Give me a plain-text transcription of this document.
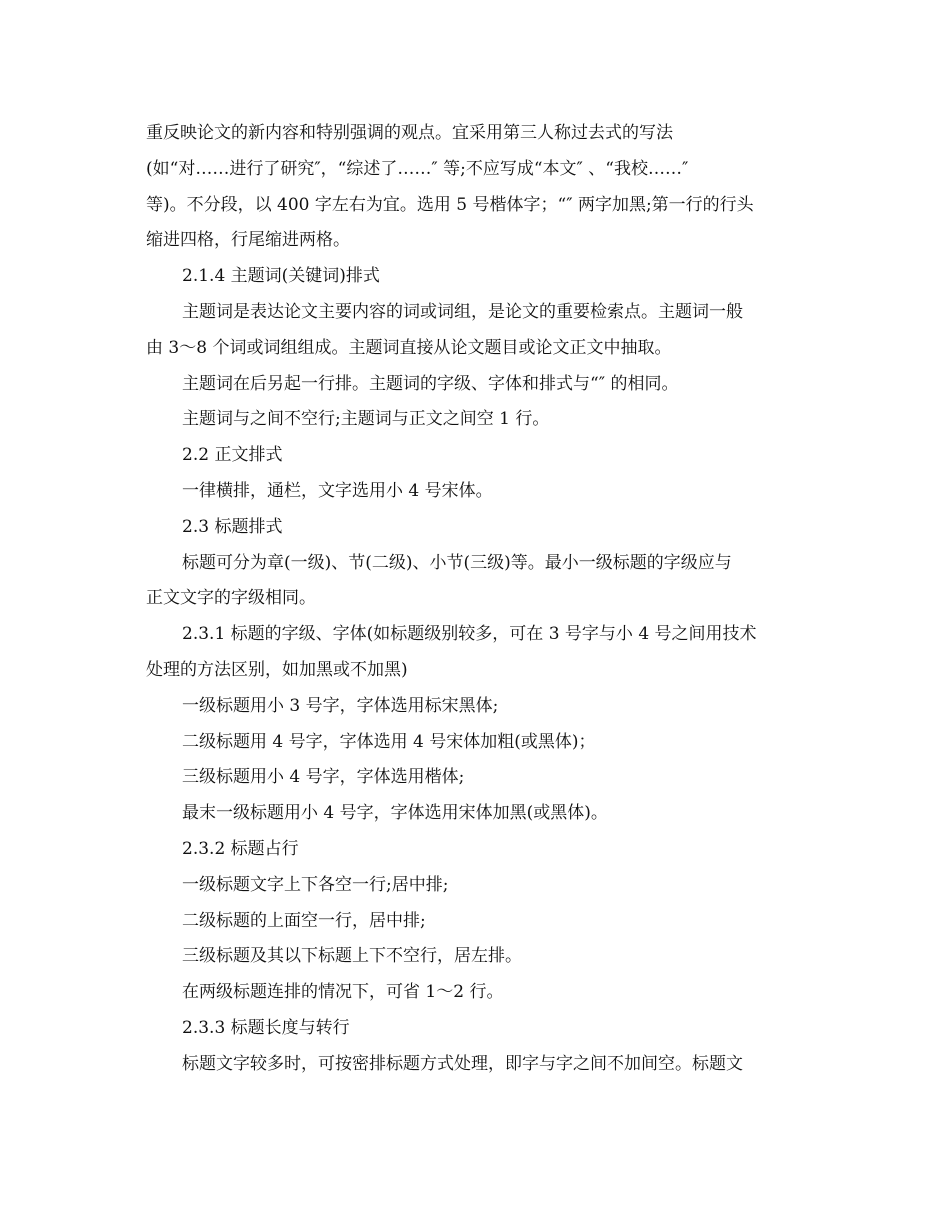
重反映论文的新内容和特别强调的观点。宜采用第三人称过去式的写法
(如“对……进行了研究″，“综述了……″ 等;不应写成“本文″ 、“我校……″
等)。不分段，以 400 字左右为宜。选用 5 号楷体字；“″ 两字加黑;第一行的行头
缩进四格，行尾缩进两格。
2.1.4 主题词(关键词)排式
主题词是表达论文主要内容的词或词组，是论文的重要检索点。主题词一般
由 3～8 个词或词组组成。主题词直接从论文题目或论文正文中抽取。
主题词在后另起一行排。主题词的字级、字体和排式与“″ 的相同。
主题词与之间不空行;主题词与正文之间空 1 行。
2.2 正文排式
一律横排，通栏，文字选用小 4 号宋体。
2.3 标题排式
标题可分为章(一级)、节(二级)、小节(三级)等。最小一级标题的字级应与
正文文字的字级相同。
2.3.1 标题的字级、字体(如标题级别较多，可在 3 号字与小 4 号之间用技术
处理的方法区别，如加黑或不加黑)
一级标题用小 3 号字，字体选用标宋黑体;
二级标题用 4 号字，字体选用 4 号宋体加粗(或黑体)；
三级标题用小 4 号字，字体选用楷体;
最末一级标题用小 4 号字，字体选用宋体加黑(或黑体)。
2.3.2 标题占行
一级标题文字上下各空一行;居中排;
二级标题的上面空一行，居中排;
三级标题及其以下标题上下不空行，居左排。
在两级标题连排的情况下，可省 1～2 行。
2.3.3 标题长度与转行
标题文字较多时，可按密排标题方式处理，即字与字之间不加间空。标题文
